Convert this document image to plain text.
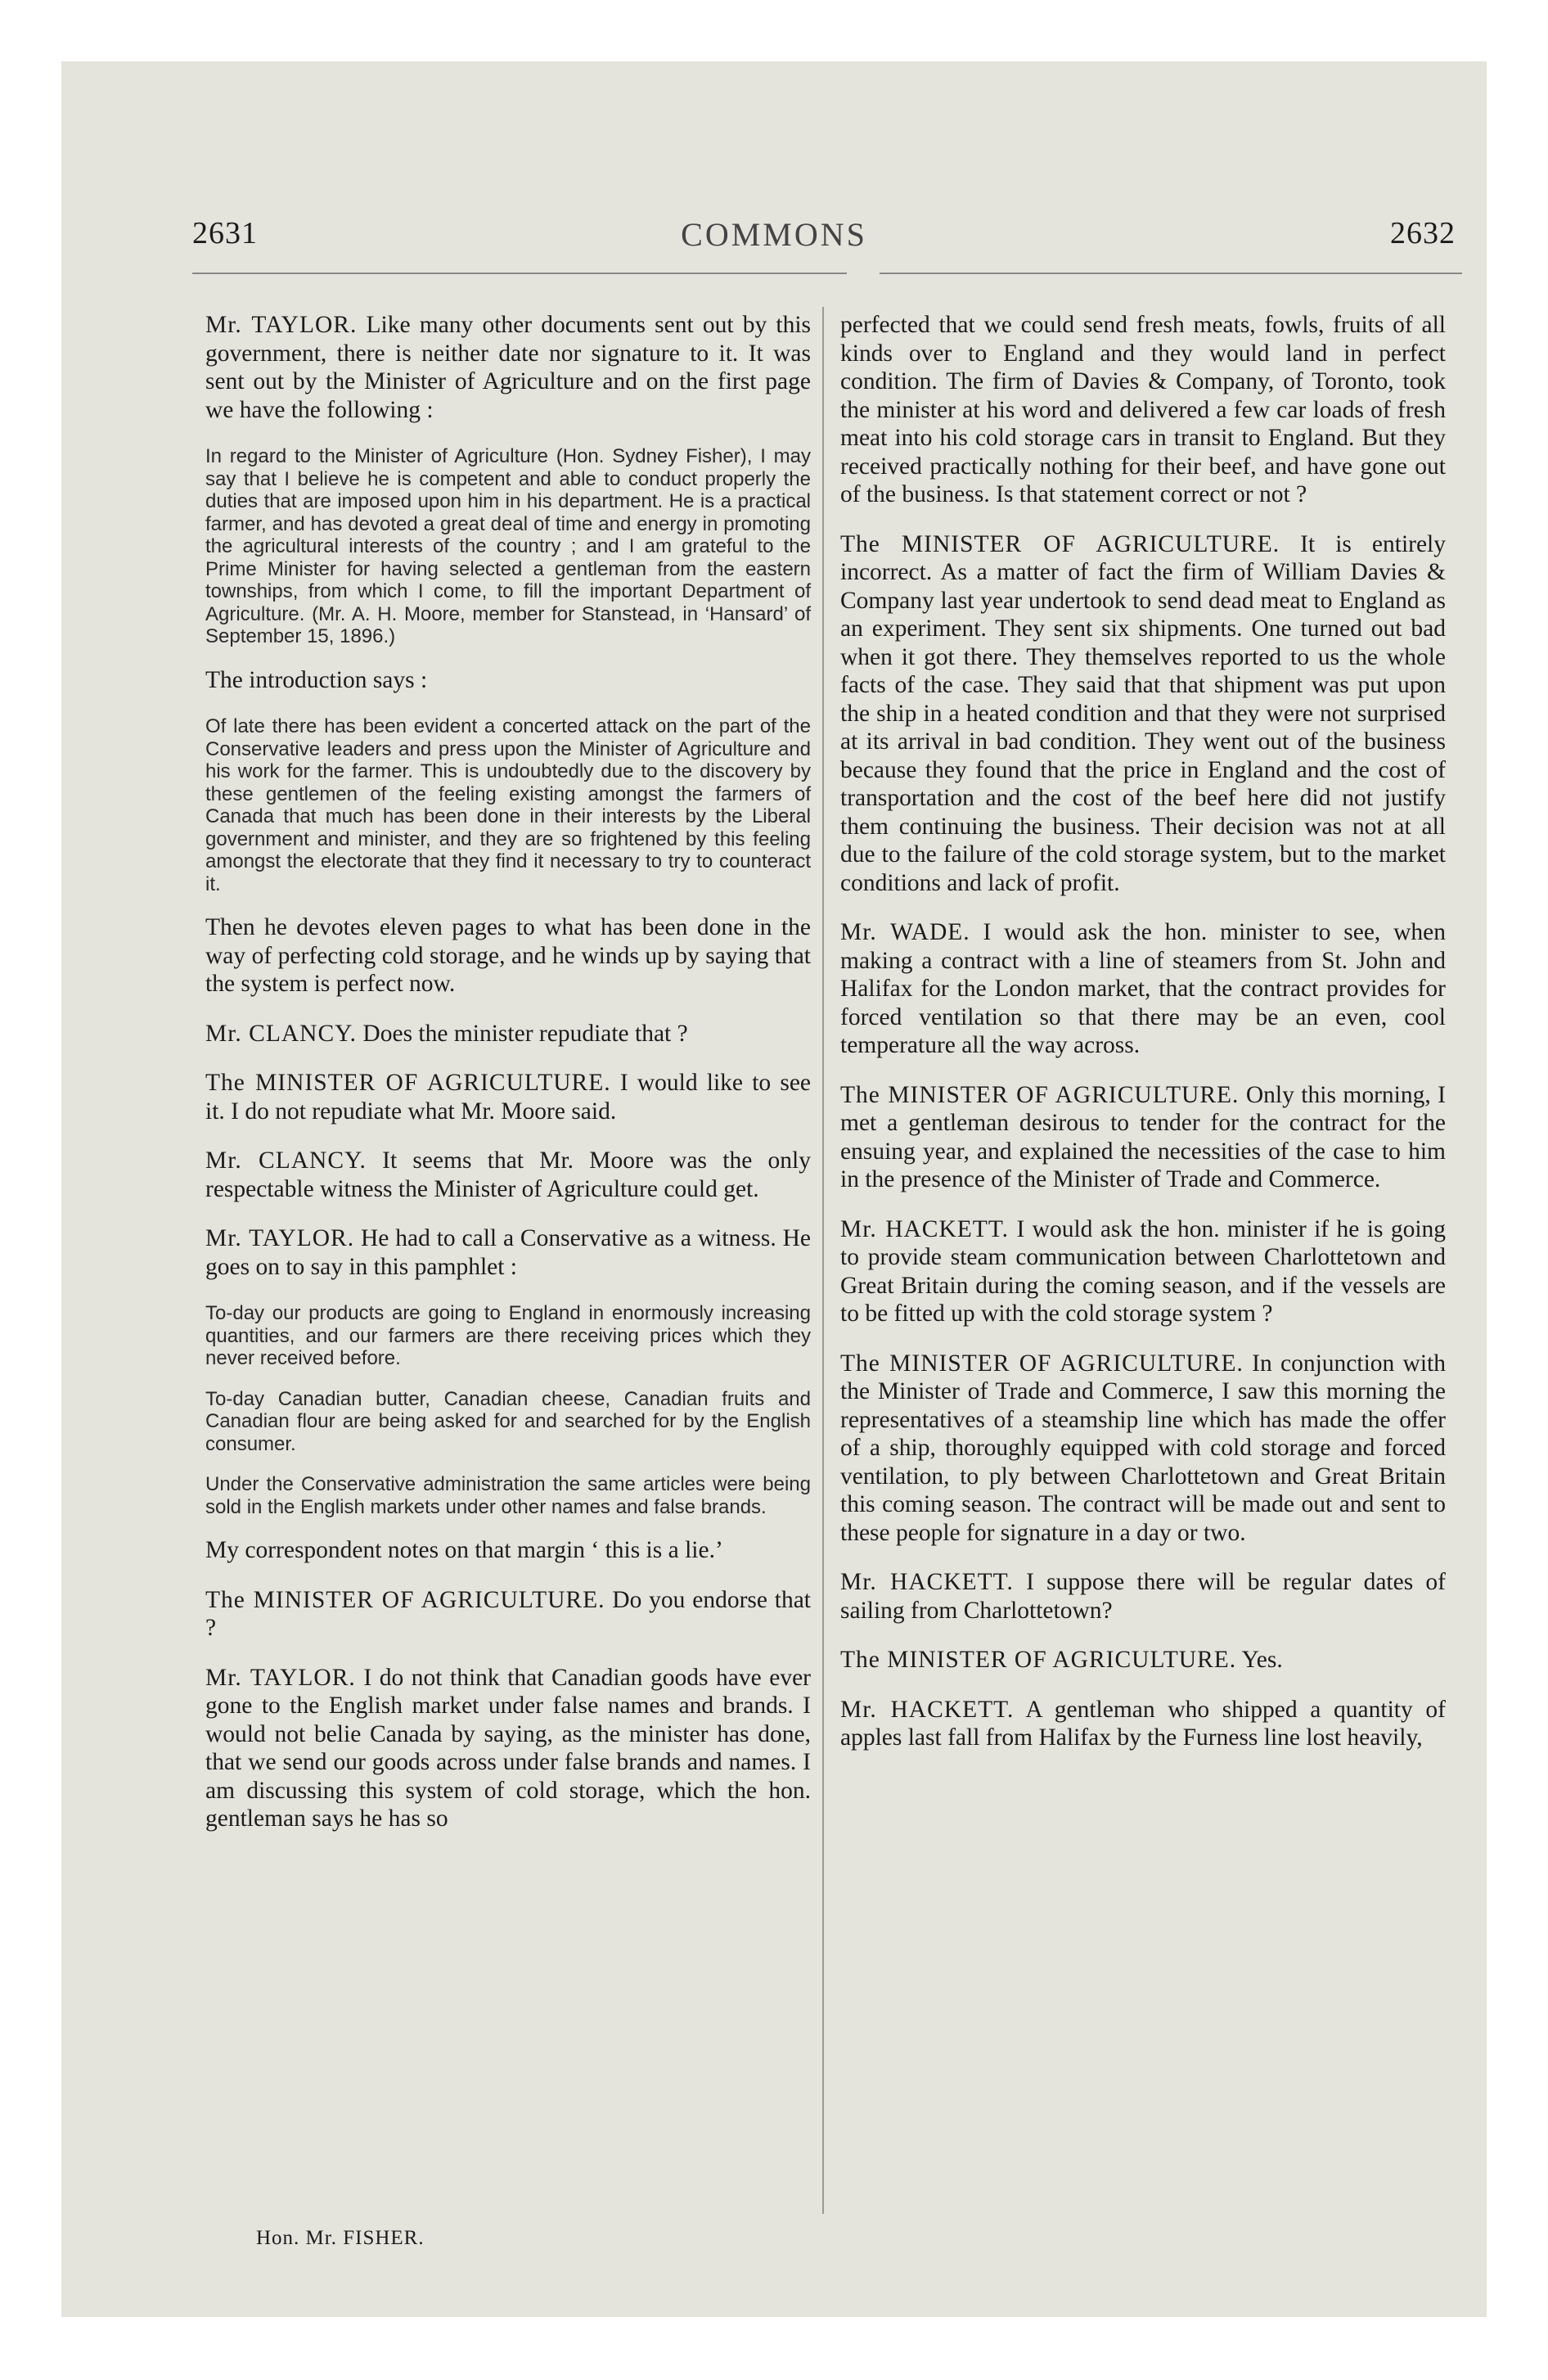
2631	COMMONS	2632

Mr. TAYLOR. Like many other documents sent out by this government, there is neither date nor signature to it. It was sent out by the Minister of Agriculture and on the first page we have the following :

In regard to the Minister of Agriculture (Hon. Sydney Fisher), I may say that I believe he is competent and able to conduct properly the duties that are imposed upon him in his department. He is a practical farmer, and has devoted a great deal of time and energy in promoting the agricultural interests of the country ; and I am grateful to the Prime Minister for having selected a gentleman from the eastern townships, from which I come, to fill the important Department of Agriculture. (Mr. A. H. Moore, member for Stanstead, in ‘Hansard’ of September 15, 1896.)

The introduction says :

Of late there has been evident a concerted attack on the part of the Conservative leaders and press upon the Minister of Agriculture and his work for the farmer. This is undoubtedly due to the discovery by these gentlemen of the feeling existing amongst the farmers of Canada that much has been done in their interests by the Liberal government and minister, and they are so frightened by this feeling amongst the electorate that they find it necessary to try to counteract it.

Then he devotes eleven pages to what has been done in the way of perfecting cold storage, and he winds up by saying that the system is perfect now.

Mr. CLANCY. Does the minister repudiate that ?

The MINISTER OF AGRICULTURE. I would like to see it. I do not repudiate what Mr. Moore said.

Mr. CLANCY. It seems that Mr. Moore was the only respectable witness the Minister of Agriculture could get.

Mr. TAYLOR. He had to call a Conservative as a witness. He goes on to say in this pamphlet :

To-day our products are going to England in enormously increasing quantities, and our farmers are there receiving prices which they never received before.

To-day Canadian butter, Canadian cheese, Canadian fruits and Canadian flour are being asked for and searched for by the English consumer.

Under the Conservative administration the same articles were being sold in the English markets under other names and false brands.

My correspondent notes on that margin ‘ this is a lie.’

The MINISTER OF AGRICULTURE. Do you endorse that ?

Mr. TAYLOR. I do not think that Canadian goods have ever gone to the English market under false names and brands. I would not belie Canada by saying, as the minister has done, that we send our goods across under false brands and names. I am discussing this system of cold storage, which the hon. gentleman says he has so

perfected that we could send fresh meats, fowls, fruits of all kinds over to England and they would land in perfect condition. The firm of Davies & Company, of Toronto, took the minister at his word and delivered a few car loads of fresh meat into his cold storage cars in transit to England. But they received practically nothing for their beef, and have gone out of the business. Is that statement correct or not ?

The MINISTER OF AGRICULTURE. It is entirely incorrect. As a matter of fact the firm of William Davies & Company last year undertook to send dead meat to England as an experiment. They sent six shipments. One turned out bad when it got there. They themselves reported to us the whole facts of the case. They said that that shipment was put upon the ship in a heated condition and that they were not surprised at its arrival in bad condition. They went out of the business because they found that the price in England and the cost of transportation and the cost of the beef here did not justify them continuing the business. Their decision was not at all due to the failure of the cold storage system, but to the market conditions and lack of profit.

Mr. WADE. I would ask the hon. minister to see, when making a contract with a line of steamers from St. John and Halifax for the London market, that the contract provides for forced ventilation so that there may be an even, cool temperature all the way across.

The MINISTER OF AGRICULTURE. Only this morning, I met a gentleman desirous to tender for the contract for the ensuing year, and explained the necessities of the case to him in the presence of the Minister of Trade and Commerce.

Mr. HACKETT. I would ask the hon. minister if he is going to provide steam communication between Charlottetown and Great Britain during the coming season, and if the vessels are to be fitted up with the cold storage system ?

The MINISTER OF AGRICULTURE. In conjunction with the Minister of Trade and Commerce, I saw this morning the representatives of a steamship line which has made the offer of a ship, thoroughly equipped with cold storage and forced ventilation, to ply between Charlottetown and Great Britain this coming season. The contract will be made out and sent to these people for signature in a day or two.

Mr. HACKETT. I suppose there will be regular dates of sailing from Charlottetown?

The MINISTER OF AGRICULTURE. Yes.

Mr. HACKETT. A gentleman who shipped a quantity of apples last fall from Halifax by the Furness line lost heavily,

Hon. Mr. FISHER.
